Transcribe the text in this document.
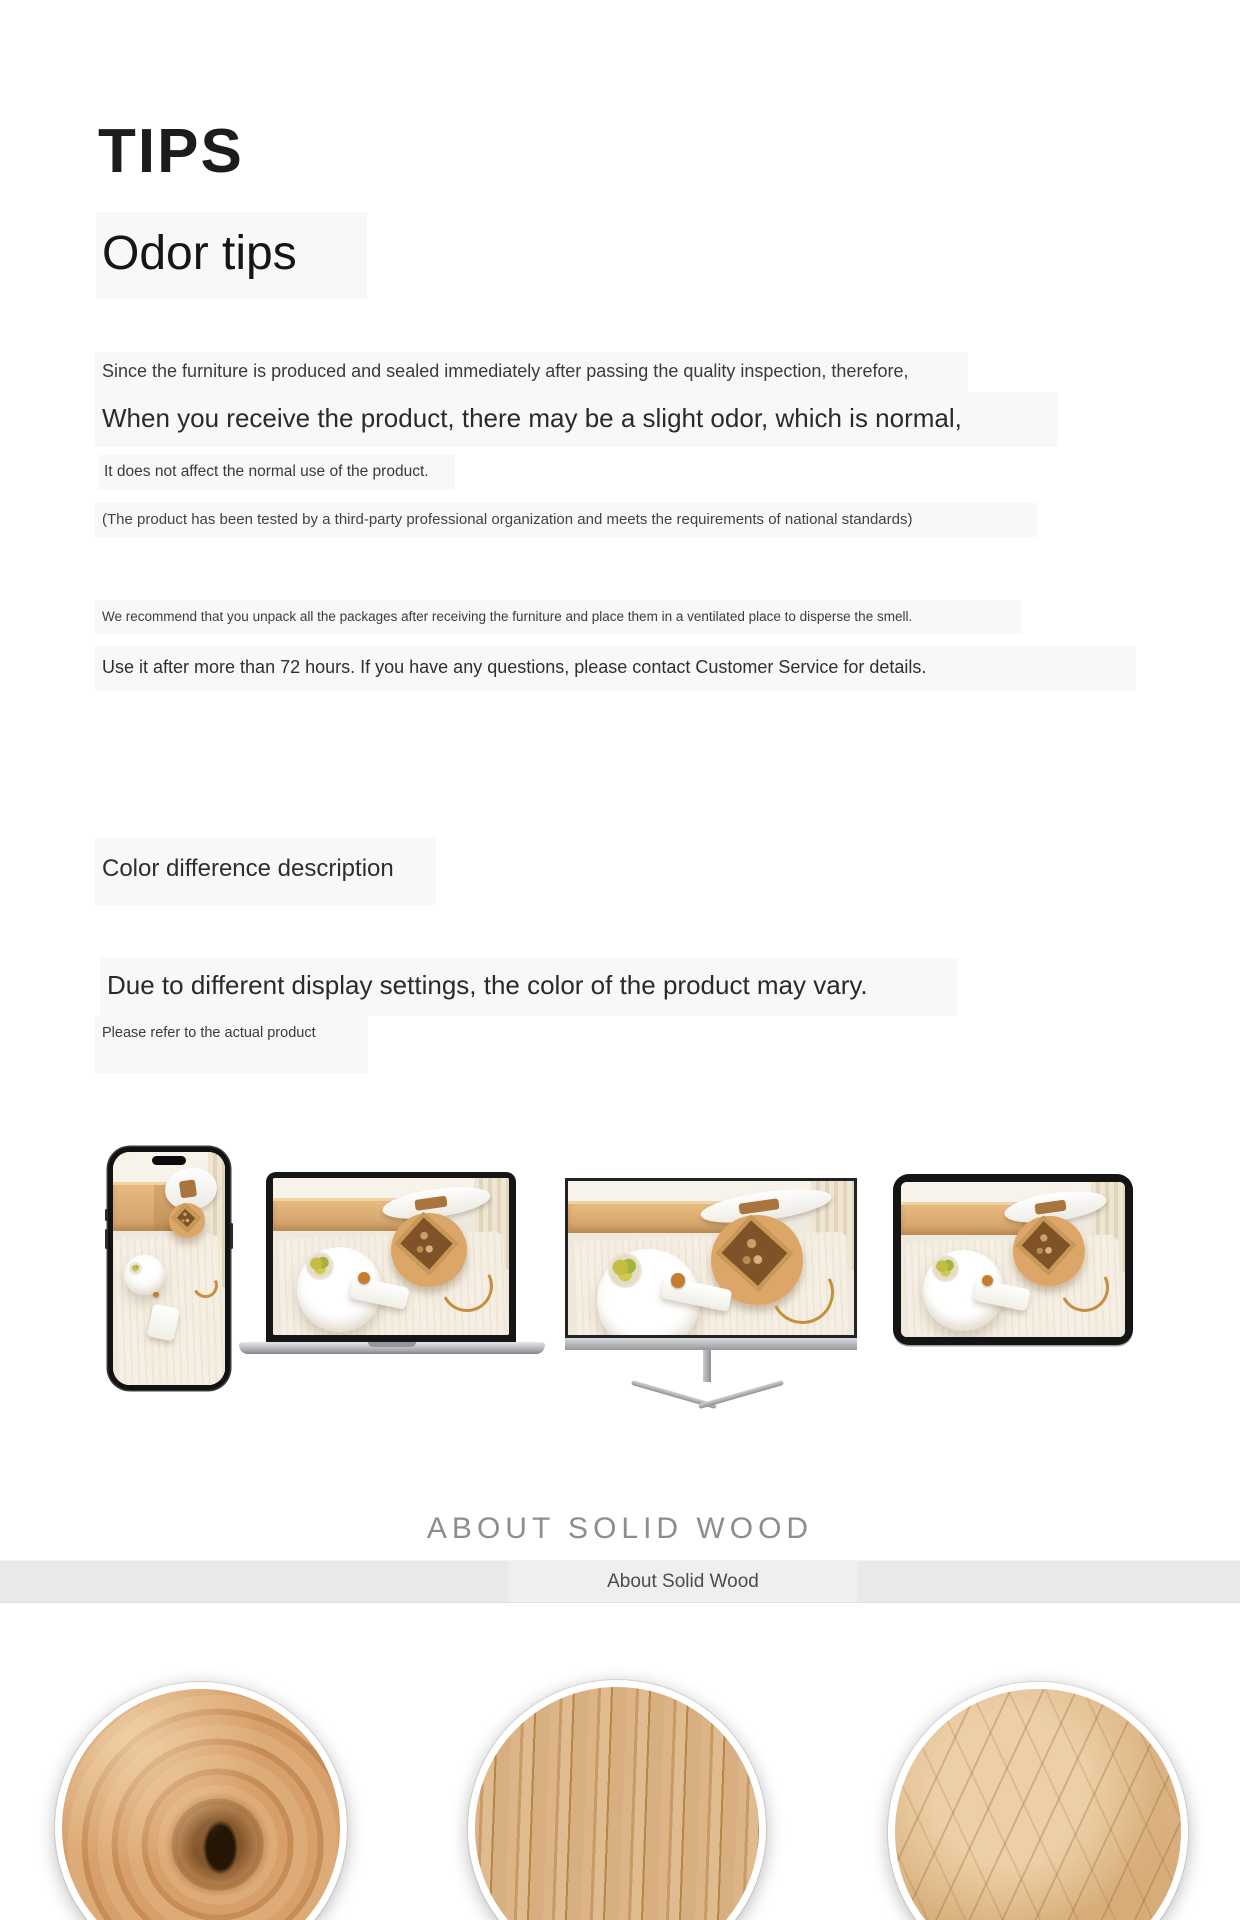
TIPS
Odor tips
Since the furniture is produced and sealed immediately after passing the quality inspection, therefore,
When you receive the product, there may be a slight odor, which is normal,
It does not affect the normal use of the product.
(The product has been tested by a third-party professional organization and meets the requirements of national standards)
We recommend that you unpack all the packages after receiving the furniture and place them in a ventilated place to disperse the smell.
Use it after more than 72 hours. If you have any questions, please contact Customer Service for details.
Color difference description
Due to different display settings, the color of the product may vary.
Please refer to the actual product
ABOUT SOLID WOOD
About Solid Wood
